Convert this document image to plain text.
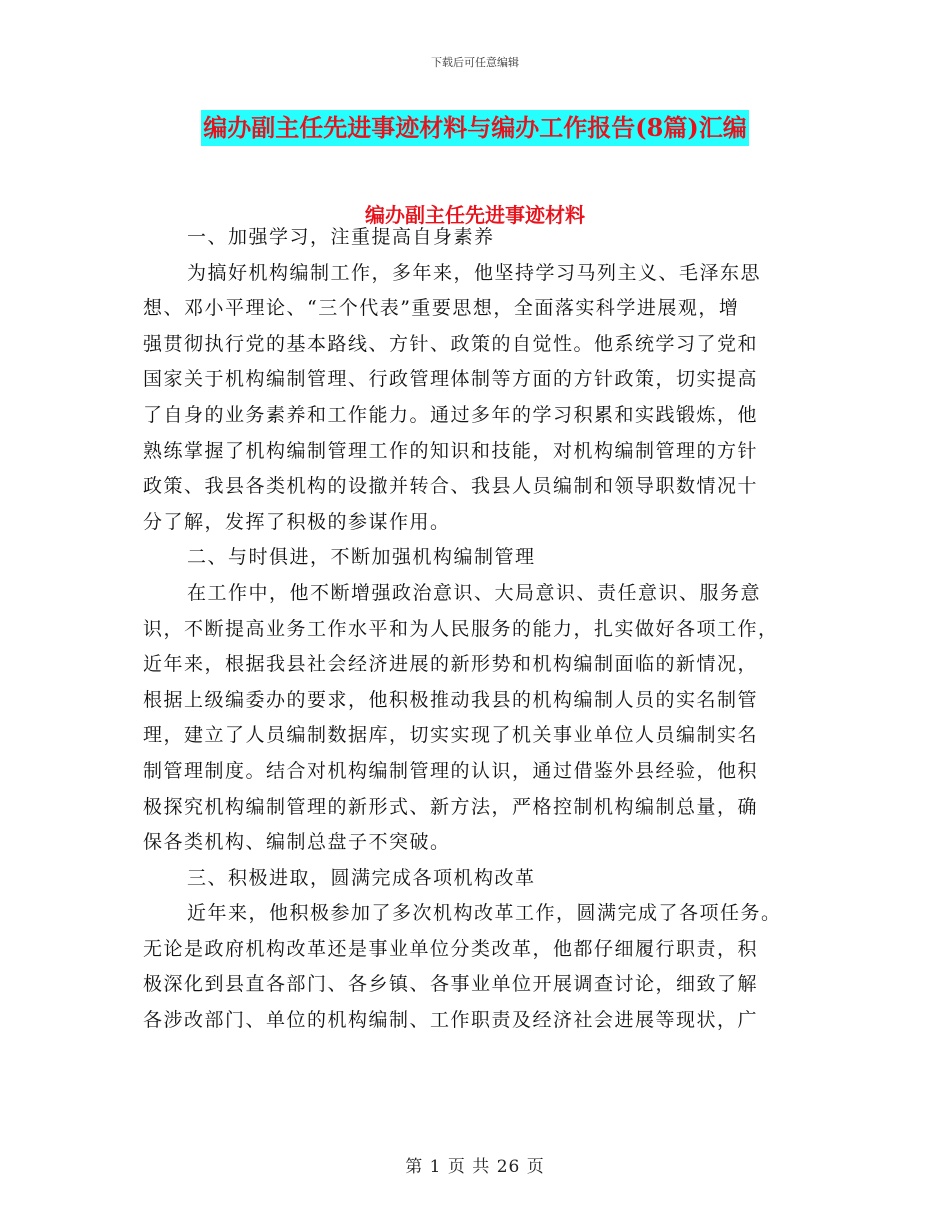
下载后可任意编辑
编办副主任先进事迹材料与编办工作报告(8篇)汇编
编办副主任先进事迹材料
一、加强学习，注重提高自身素养
为搞好机构编制工作，多年来，他坚持学习马列主义、毛泽东思
想、邓小平理论、“三个代表”重要思想，全面落实科学进展观，增
强贯彻执行党的基本路线、方针、政策的自觉性。他系统学习了党和
国家关于机构编制管理、行政管理体制等方面的方针政策，切实提高
了自身的业务素养和工作能力。通过多年的学习积累和实践锻炼，他
熟练掌握了机构编制管理工作的知识和技能，对机构编制管理的方针
政策、我县各类机构的设撤并转合、我县人员编制和领导职数情况十
分了解，发挥了积极的参谋作用。
二、与时俱进，不断加强机构编制管理
在工作中，他不断增强政治意识、大局意识、责任意识、服务意
识，不断提高业务工作水平和为人民服务的能力，扎实做好各项工作，
近年来，根据我县社会经济进展的新形势和机构编制面临的新情况，
根据上级编委办的要求，他积极推动我县的机构编制人员的实名制管
理，建立了人员编制数据库，切实实现了机关事业单位人员编制实名
制管理制度。结合对机构编制管理的认识，通过借鉴外县经验，他积
极探究机构编制管理的新形式、新方法，严格控制机构编制总量，确
保各类机构、编制总盘子不突破。
三、积极进取，圆满完成各项机构改革
近年来，他积极参加了多次机构改革工作，圆满完成了各项任务。
无论是政府机构改革还是事业单位分类改革，他都仔细履行职责，积
极深化到县直各部门、各乡镇、各事业单位开展调查讨论，细致了解
各涉改部门、单位的机构编制、工作职责及经济社会进展等现状，广
第 1 页 共 26 页
